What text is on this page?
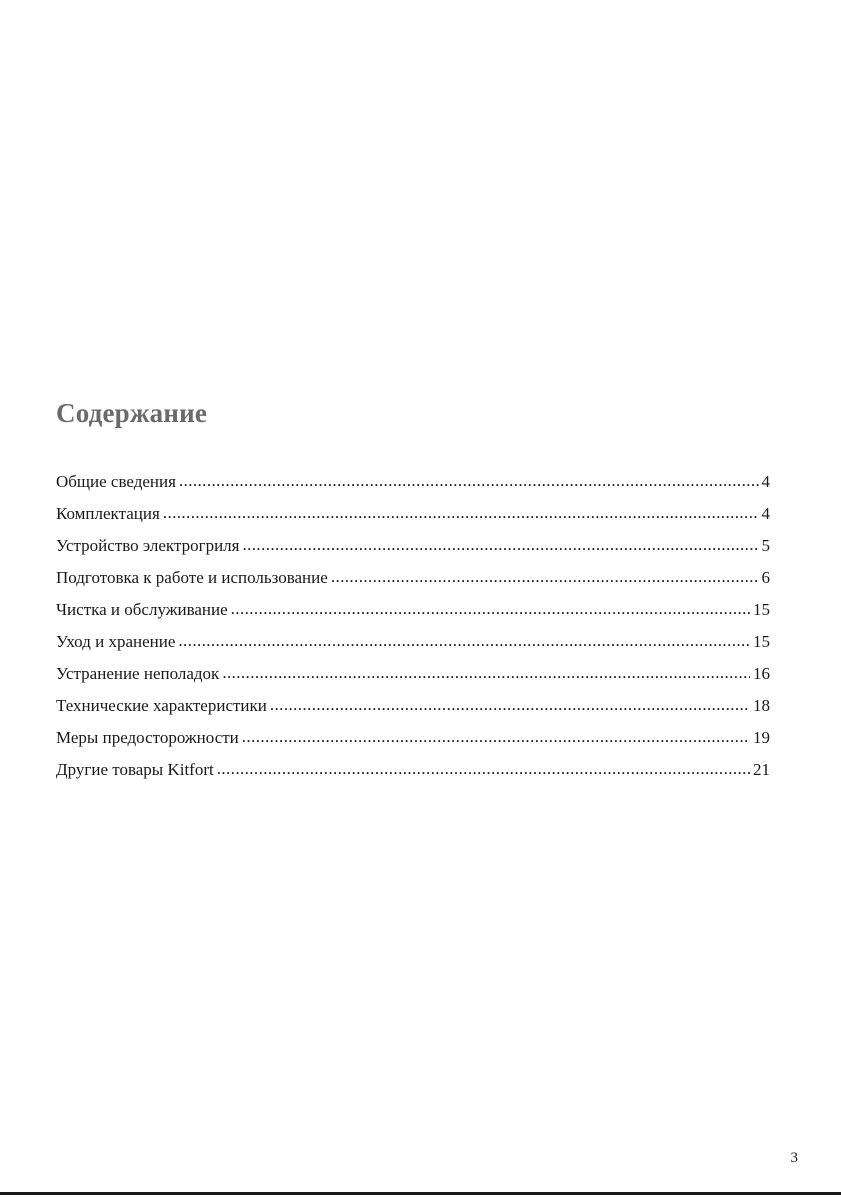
Содержание
Общие сведения .....	4
Комплектация .....	4
Устройство электрогриля .....	5
Подготовка к работе и использование .....	6
Чистка и обслуживание .....	15
Уход и хранение .....	15
Устранение неполадок .....	16
Технические характеристики .....	18
Меры предосторожности .....	19
Другие товары Kitfort .....	21
3
